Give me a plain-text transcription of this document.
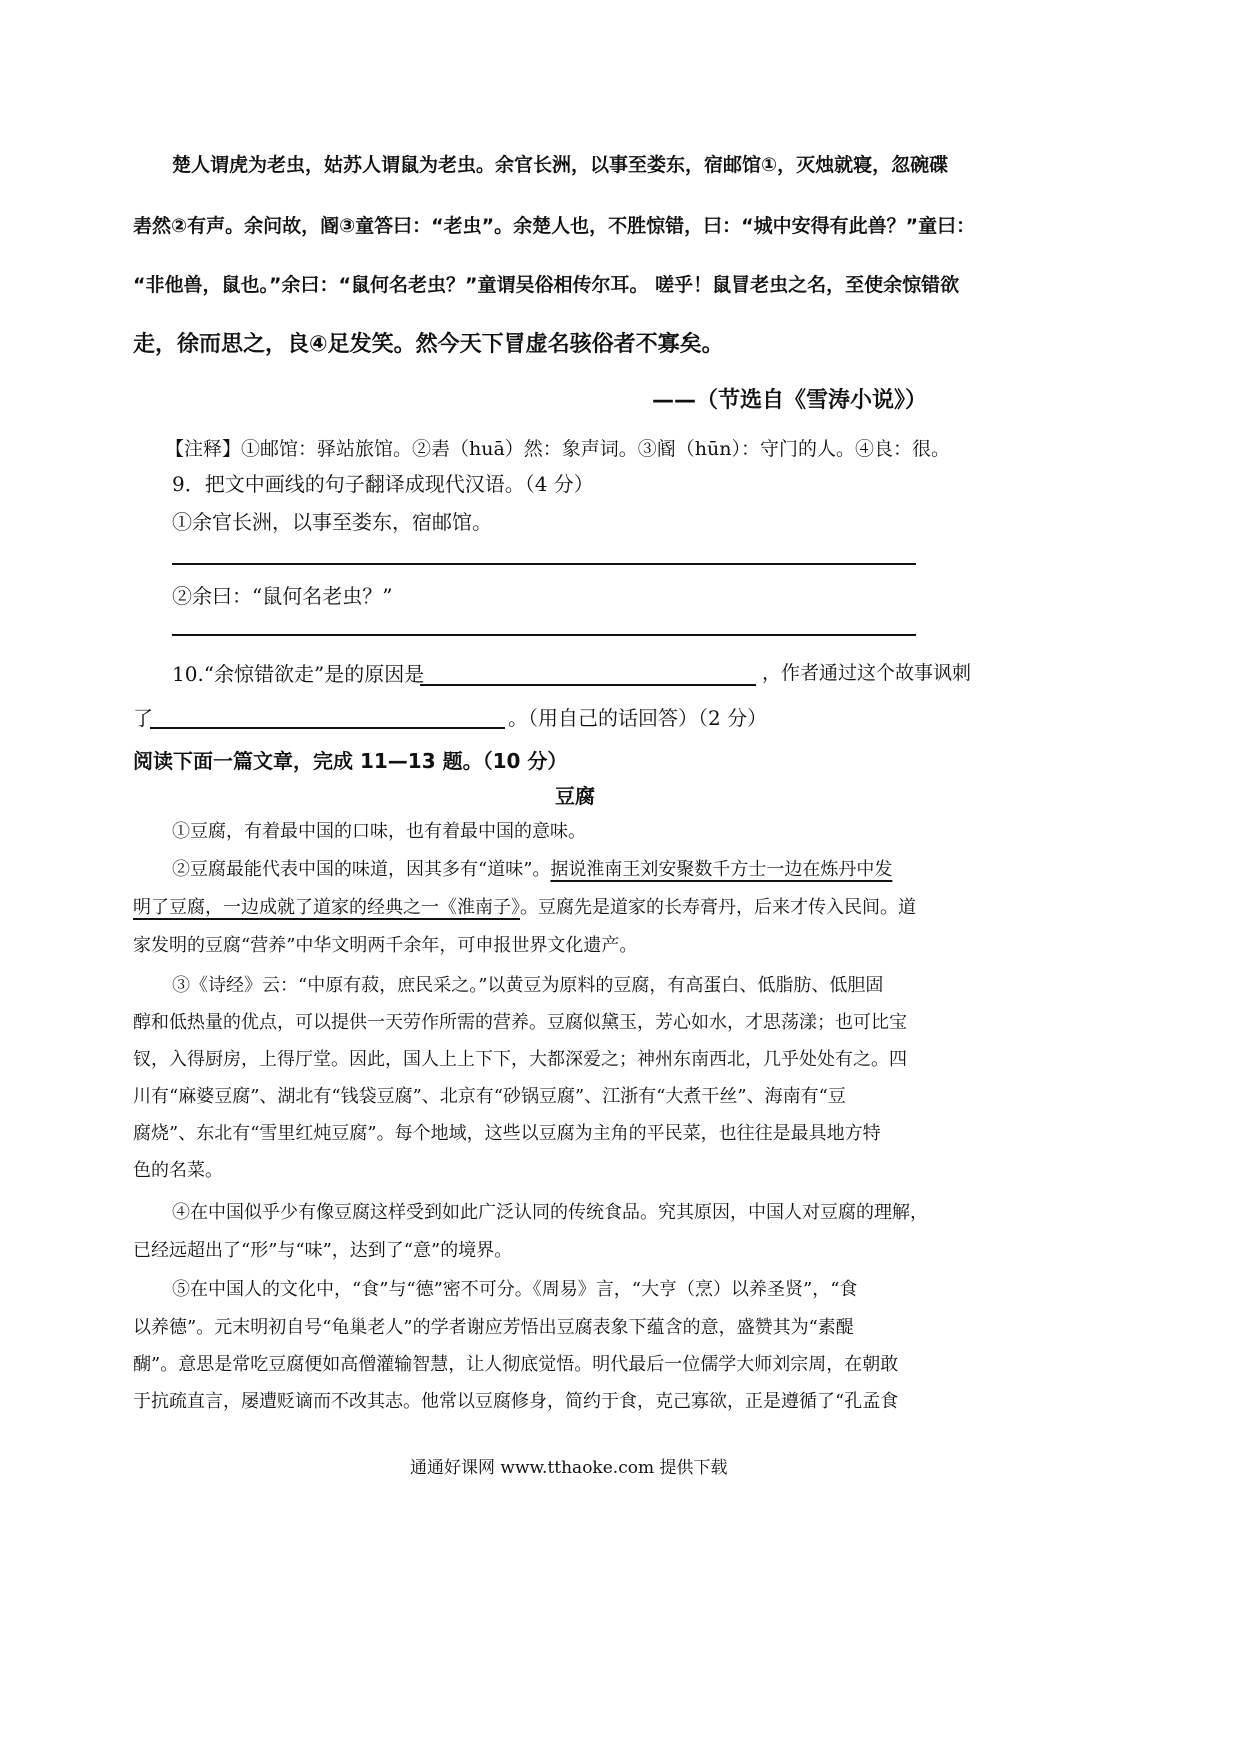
楚人谓虎为老虫，姑苏人谓鼠为老虫。余官长洲，以事至娄东，宿邮馆①，灭烛就寝，忽碗碟
砉然②有声。余问故，阍③童答曰：“老虫”。余楚人也，不胜惊错，曰：“城中安得有此兽？”童曰：
“非他兽，鼠也。”余曰：“鼠何名老虫？”童谓吴俗相传尔耳。 嗟乎！鼠冒老虫之名，至使余惊错欲
走，徐而思之，良④足发笑。然今天下冒虚名骇俗者不寡矣。
——（节选自《雪涛小说》）
【注释】①邮馆：驿站旅馆。②砉（huā）然：象声词。③阍（hūn）：守门的人。④良：很。
9．把文中画线的句子翻译成现代汉语。（4 分）
①余官长洲，以事至娄东，宿邮馆。
②余曰：“鼠何名老虫？”
10.“余惊错欲走”是的原因是	，作者通过这个故事讽刺
了	。（用自己的话回答）（2 分）
阅读下面一篇文章，完成 11—13 题。（10 分）
豆腐
①豆腐，有着最中国的口味，也有着最中国的意味。
②豆腐最能代表中国的味道，因其多有“道味”。据说淮南王刘安聚数千方士一边在炼丹中发
明了豆腐，一边成就了道家的经典之一《淮南子》。豆腐先是道家的长寿膏丹，后来才传入民间。道
家发明的豆腐“营养”中华文明两千余年，可申报世界文化遗产。
③《诗经》云：“中原有菽，庶民采之。”以黄豆为原料的豆腐，有高蛋白、低脂肪、低胆固
醇和低热量的优点，可以提供一天劳作所需的营养。豆腐似黛玉，芳心如水，才思荡漾；也可比宝
钗，入得厨房，上得厅堂。因此，国人上上下下，大都深爱之；神州东南西北，几乎处处有之。四
川有“麻婆豆腐”、湖北有“钱袋豆腐”、北京有“砂锅豆腐”、江浙有“大煮干丝”、海南有“豆
腐烧”、东北有“雪里红炖豆腐”。每个地域，这些以豆腐为主角的平民菜，也往往是最具地方特
色的名菜。
④在中国似乎少有像豆腐这样受到如此广泛认同的传统食品。究其原因，中国人对豆腐的理解，
已经远超出了“形”与“味”，达到了“意”的境界。
⑤在中国人的文化中，“食”与“德”密不可分。《周易》言，“大亨（烹）以养圣贤”，“食
以养德”。元末明初自号“龟巢老人”的学者谢应芳悟出豆腐表象下蕴含的意，盛赞其为“素醍
醐”。意思是常吃豆腐便如高僧灌输智慧，让人彻底觉悟。明代最后一位儒学大师刘宗周，在朝敢
于抗疏直言，屡遭贬谪而不改其志。他常以豆腐修身，简约于食，克己寡欲，正是遵循了“孔孟食
通通好课网 www.tthaoke.com 提供下载
